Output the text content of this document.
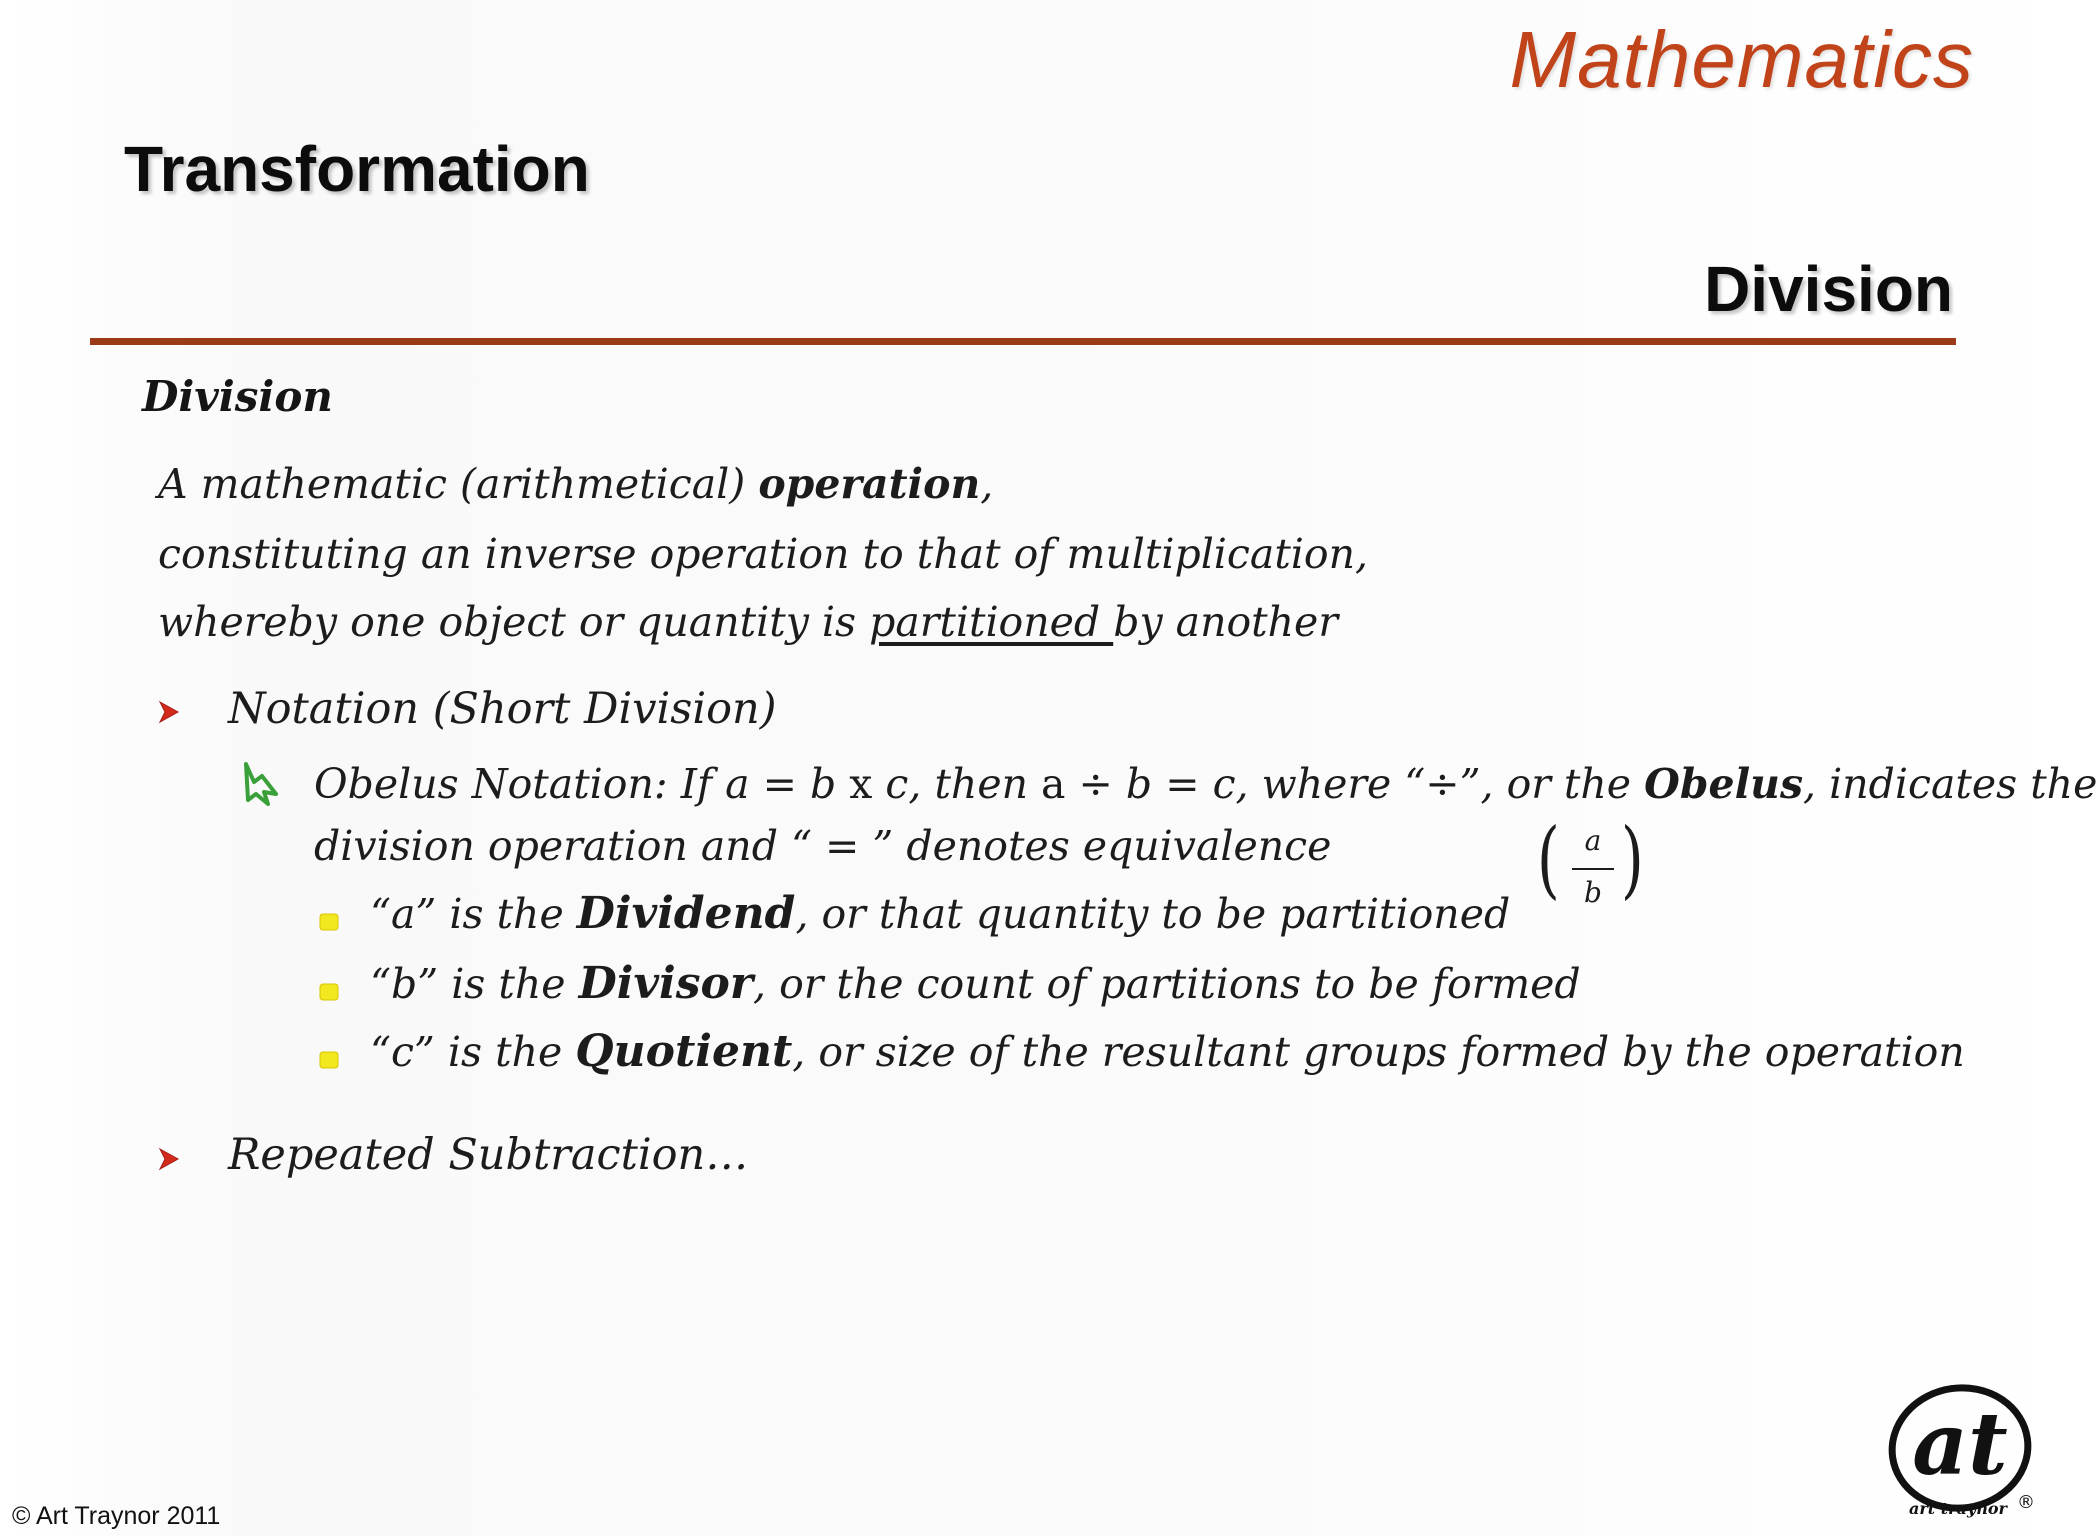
Mathematics
Transformation
Division
Division
A mathematic (arithmetical) operation,
constituting an inverse operation to that of multiplication,
whereby one object or quantity is partitioned by another
Notation (Short Division)
Obelus Notation: If a = b x c, then a ÷ b = c, where “÷”, or the Obelus, indicates the
division operation and “ = ” denotes equivalence ( a
b )
“a” is the Dividend, or that quantity to be partitioned
“b” is the Divisor, or the count of partitions to be formed
“c” is the Quotient, or size of the resultant groups formed by the operation
Repeated Subtraction…
© Art Traynor 2011
at
art traynor ®
